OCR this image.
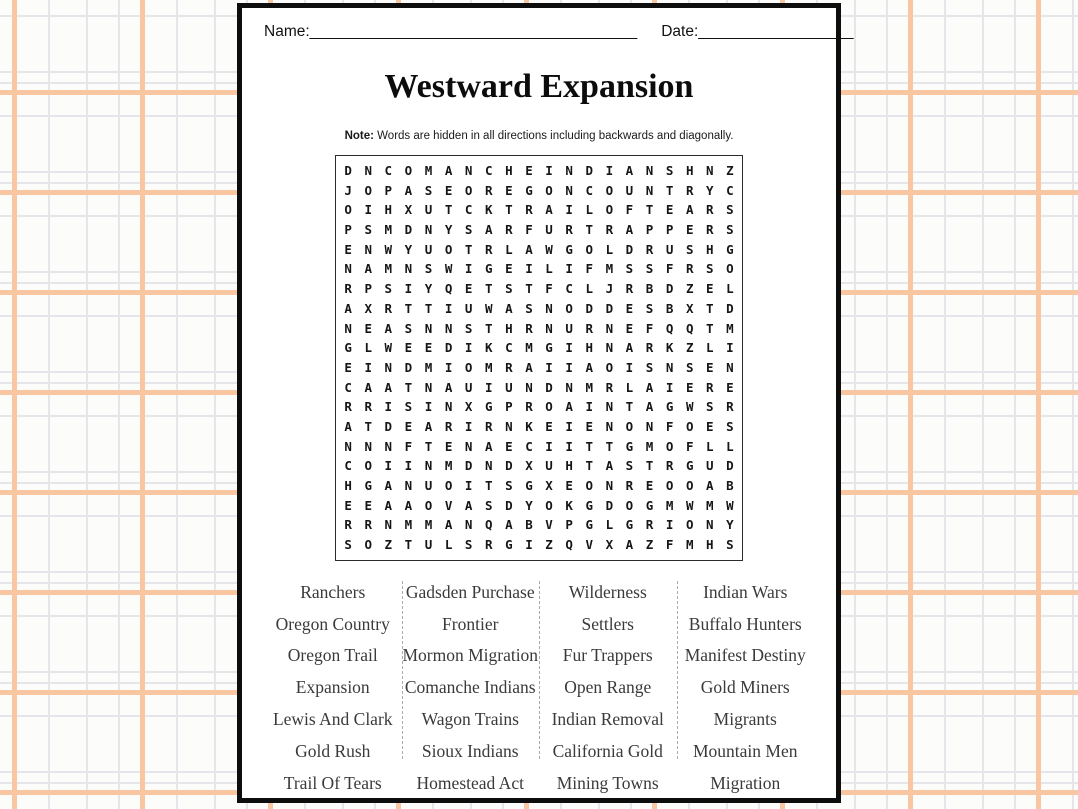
Name: ______________________________________ Date: __________________
Westward Expansion

Note: Words are hidden in all directions including backwards and diagonally.

D N C O M A N C H E I N D I A N S H N Z
J O P A S E O R E G O N C O U N T R Y C
O I H X U T C K T R A I L O F T E A R S
P S M D N Y S A R F U R T R A P P E R S
E N W Y U O T R L A W G O L D R U S H G
N A M N S W I G E I L I F M S S F R S O
R P S I Y Q E T S T F C L J R B D Z E L
A X R T T I U W A S N O D D E S B X T D
N E A S N N S T H R N U R N E F Q Q T M
G L W E E D I K C M G I H N A R K Z L I
E I N D M I O M R A I I A O I S N S E N
C A A T N A U I U N D N M R L A I E R E
R R I S I N X G P R O A I N T A G W S R
A T D E A R I R N K E I E N O N F O E S
N N N F T E N A E C I I T T G M O F L L
C O I I N M D N D X U H T A S T R G U D
H G A N U O I T S G X E O N R E O O A B
E E A A O V A S D Y O K G D O G M W M W
R R N M M A N Q A B V P G L G R I O N Y
S O Z T U L S R G I Z Q V X A Z F M H S
Ranchers
Oregon Country
Oregon Trail
Expansion
Lewis And Clark
Gold Rush
Trail Of Tears
Gadsden Purchase
Frontier
Mormon Migration
Comanche Indians
Wagon Trains
Sioux Indians
Homestead Act
Wilderness
Settlers
Fur Trappers
Open Range
Indian Removal
California Gold
Mining Towns
Indian Wars
Buffalo Hunters
Manifest Destiny
Gold Miners
Migrants
Mountain Men
Migration
